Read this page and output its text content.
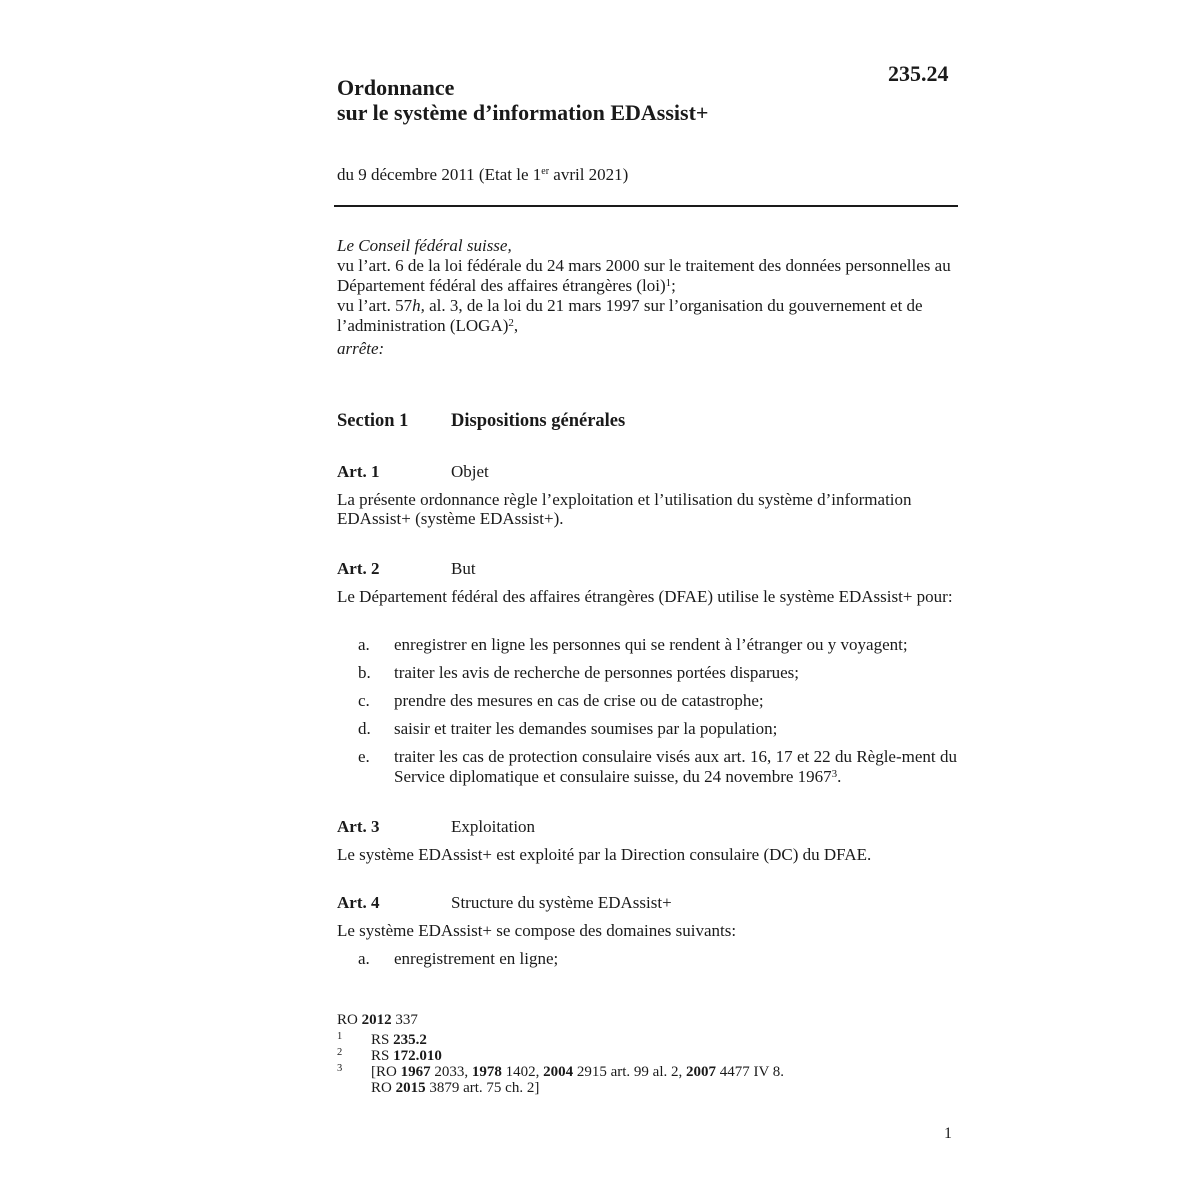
235.24
Ordonnance
sur le système d’information EDAssist+
du 9 décembre 2011 (Etat le 1er avril 2021)
Le Conseil fédéral suisse,
vu l’art. 6 de la loi fédérale du 24 mars 2000 sur le traitement des données personnelles au Département fédéral des affaires étrangères (loi)$^1$;
vu l’art. 57h, al. 3, de la loi du 21 mars 1997 sur l’organisation du gouvernement et de l’administration (LOGA)$^2$,
arrête:
Section 1 Dispositions générales
Art. 1	Objet
La présente ordonnance règle l’exploitation et l’utilisation du système d’information EDAssist+ (système EDAssist+).
Art. 2	But
Le Département fédéral des affaires étrangères (DFAE) utilise le système EDAssist+ pour:
a. enregistrer en ligne les personnes qui se rendent à l’étranger ou y voyagent;
b. traiter les avis de recherche de personnes portées disparues;
c. prendre des mesures en cas de crise ou de catastrophe;
d. saisir et traiter les demandes soumises par la population;
e. traiter les cas de protection consulaire visés aux art. 16, 17 et 22 du Règle-ment du Service diplomatique et consulaire suisse, du 24 novembre 1967$^3$.
Art. 3	Exploitation
Le système EDAssist+ est exploité par la Direction consulaire (DC) du DFAE.
Art. 4	Structure du système EDAssist+
Le système EDAssist+ se compose des domaines suivants:
a. enregistrement en ligne;
RO 2012 337
1 RS 235.2
2 RS 172.010
3	[RO 1967 2033, 1978 1402, 2004 2915 art. 99 al. 2, 2007 4477 IV 8.
RO 2015 3879 art. 75 ch. 2]
1
